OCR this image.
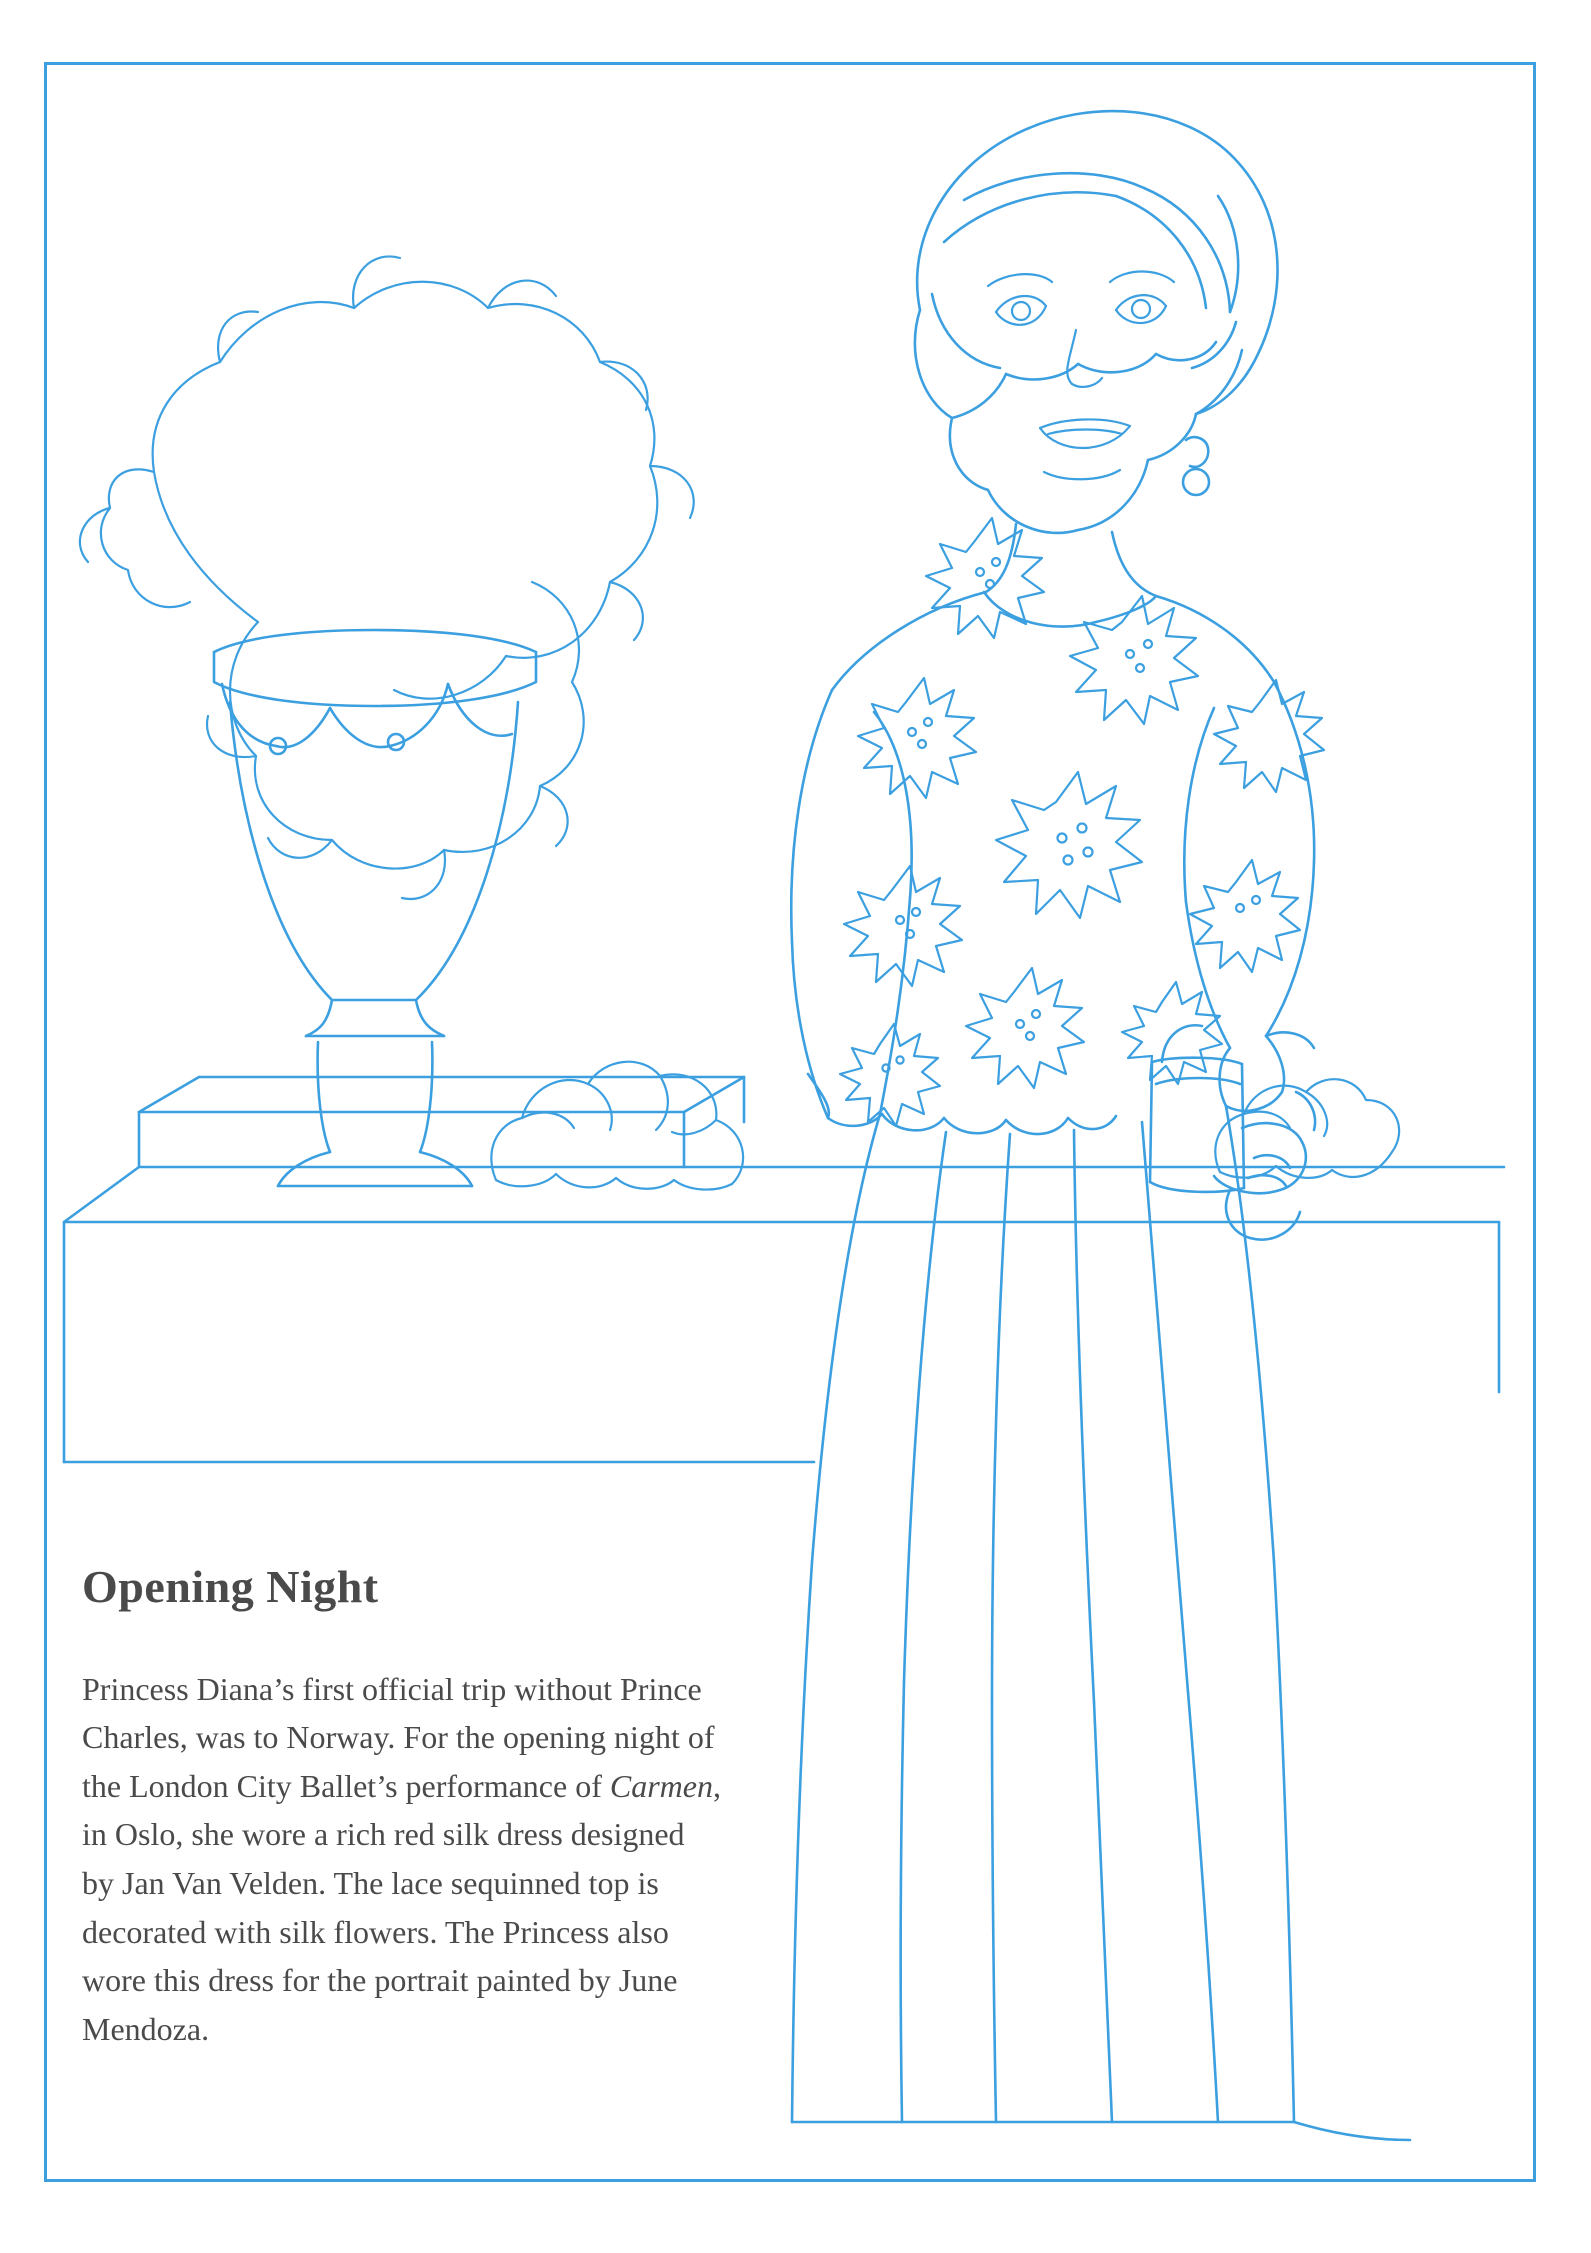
Opening Night

Princess Diana’s first official trip without Prince Charles, was to Norway. For the opening night of the London City Ballet’s performance of Carmen, in Oslo, she wore a rich red silk dress designed by Jan Van Velden. The lace sequinned top is decorated with silk flowers. The Princess also wore this dress for the portrait painted by June Mendoza.
